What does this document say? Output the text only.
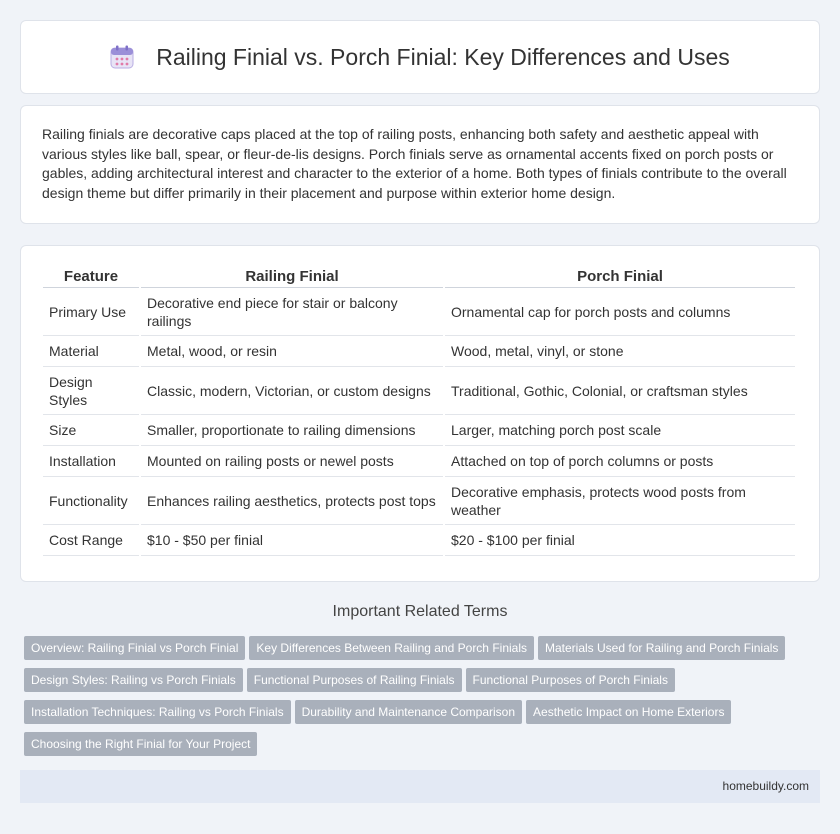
Railing Finial vs. Porch Finial: Key Differences and Uses

Railing finials are decorative caps placed at the top of railing posts, enhancing both safety and aesthetic appeal with various styles like ball, spear, or fleur-de-lis designs. Porch finials serve as ornamental accents fixed on porch posts or gables, adding architectural interest and character to the exterior of a home. Both types of finials contribute to the overall design theme but differ primarily in their placement and purpose within exterior home design.

Feature	Railing Finial	Porch Finial
Primary Use	Decorative end piece for stair or balcony railings	Ornamental cap for porch posts and columns
Material	Metal, wood, or resin	Wood, metal, vinyl, or stone
Design Styles	Classic, modern, Victorian, or custom designs	Traditional, Gothic, Colonial, or craftsman styles
Size	Smaller, proportionate to railing dimensions	Larger, matching porch post scale
Installation	Mounted on railing posts or newel posts	Attached on top of porch columns or posts
Functionality	Enhances railing aesthetics, protects post tops	Decorative emphasis, protects wood posts from weather
Cost Range	$10 - $50 per finial	$20 - $100 per finial
Important Related Terms
Overview: Railing Finial vs Porch Finial Key Differences Between Railing and Porch Finials Materials Used for Railing and Porch Finials
Design Styles: Railing vs Porch Finials Functional Purposes of Railing Finials Functional Purposes of Porch Finials
Installation Techniques: Railing vs Porch Finials Durability and Maintenance Comparison Aesthetic Impact on Home Exteriors
Choosing the Right Finial for Your Project
homebuildy.com
